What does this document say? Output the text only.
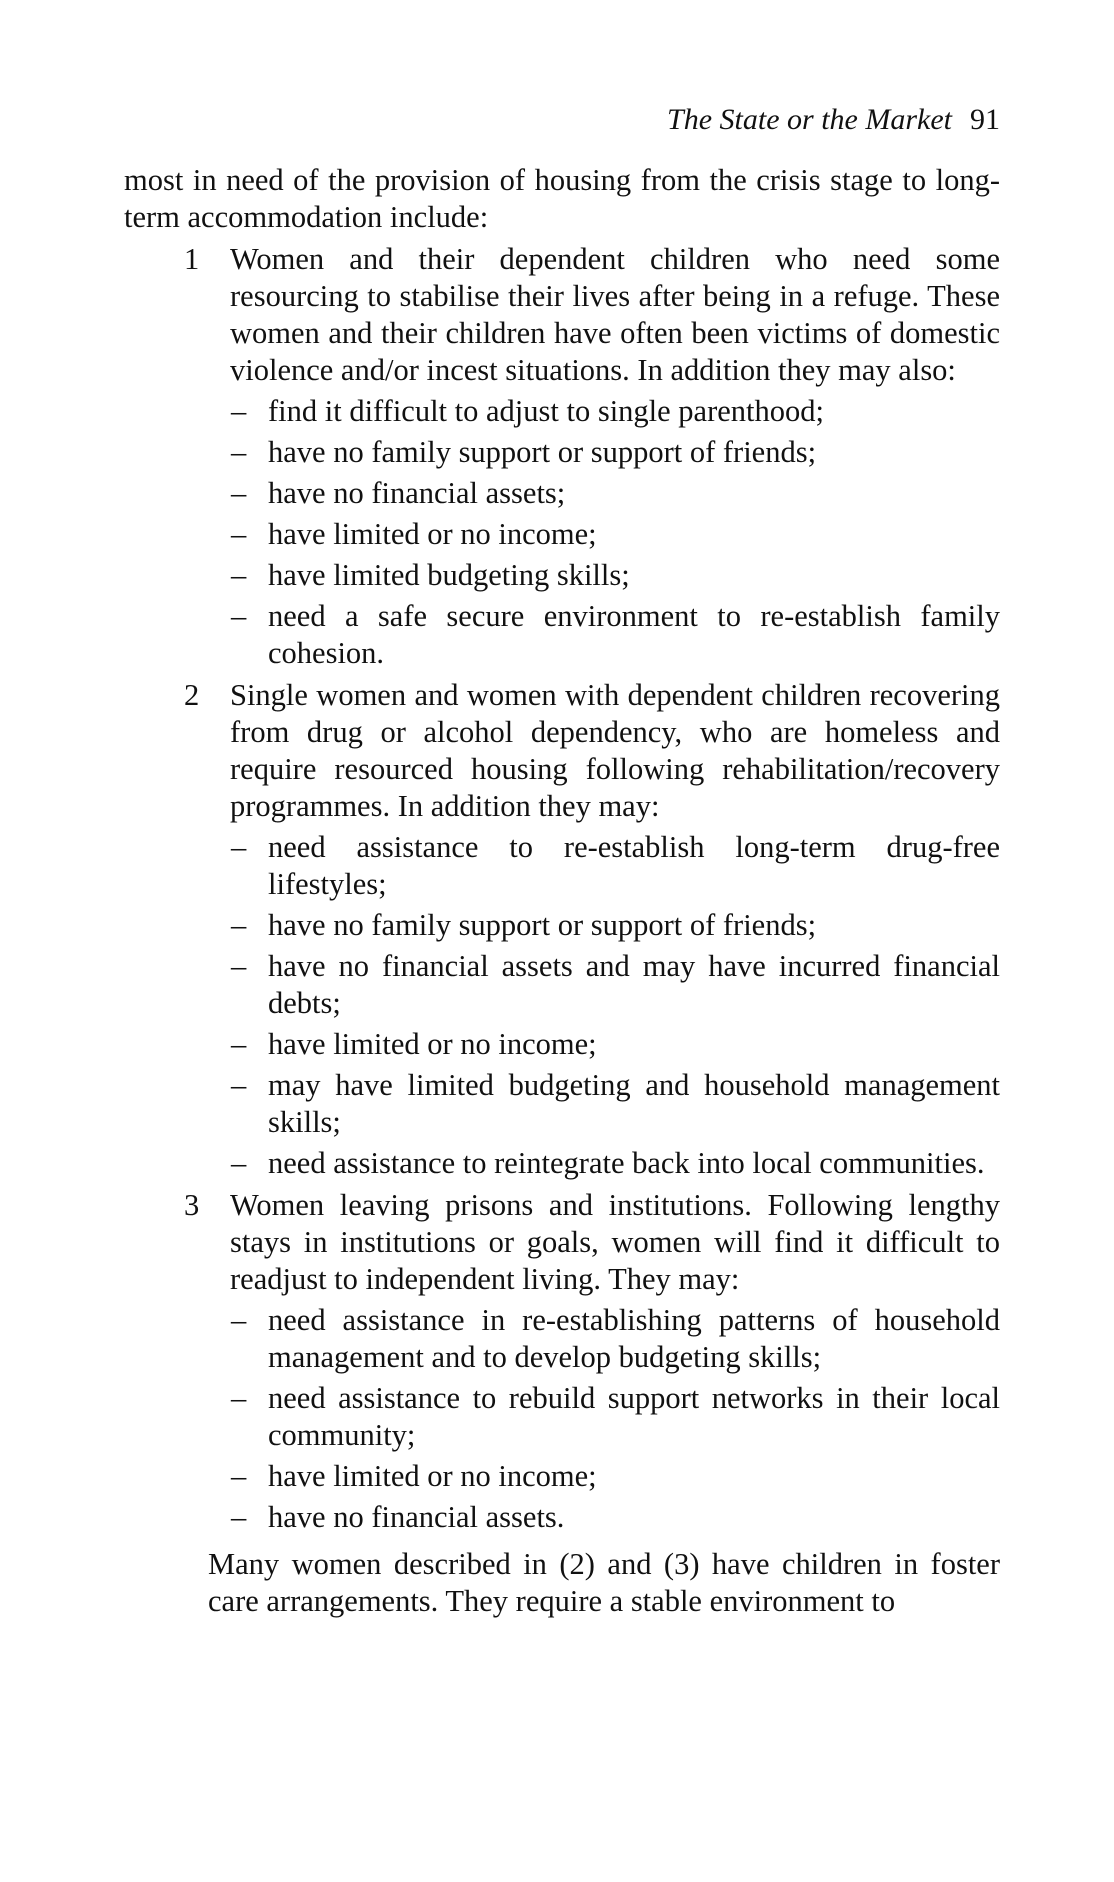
The State or the Market 91

most in need of the provision of housing from the crisis stage to long-term accommodation include:

1 Women and their dependent children who need some resourcing to stabilise their lives after being in a refuge. These women and their children have often been victims of domestic violence and/or incest situations. In addition they may also:

– find it difficult to adjust to single parenthood;
– have no family support or support of friends;
– have no financial assets;
– have limited or no income;
– have limited budgeting skills;
– need a safe secure environment to re-establish family cohesion.
2 Single women and women with dependent children recovering from drug or alcohol dependency, who are homeless and require resourced housing following rehabilitation/recovery programmes. In addition they may:

– need assistance to re-establish long-term drug-free lifestyles;
– have no family support or support of friends;
– have no financial assets and may have incurred financial debts;
– have limited or no income;
– may have limited budgeting and household management skills;
– need assistance to reintegrate back into local communities.
3 Women leaving prisons and institutions. Following lengthy stays in institutions or goals, women will find it difficult to readjust to independent living. They may:

– need assistance in re-establishing patterns of household management and to develop budgeting skills;
– need assistance to rebuild support networks in their local community;
– have limited or no income;
– have no financial assets.

Many women described in (2) and (3) have children in foster care arrangements. They require a stable environment to
